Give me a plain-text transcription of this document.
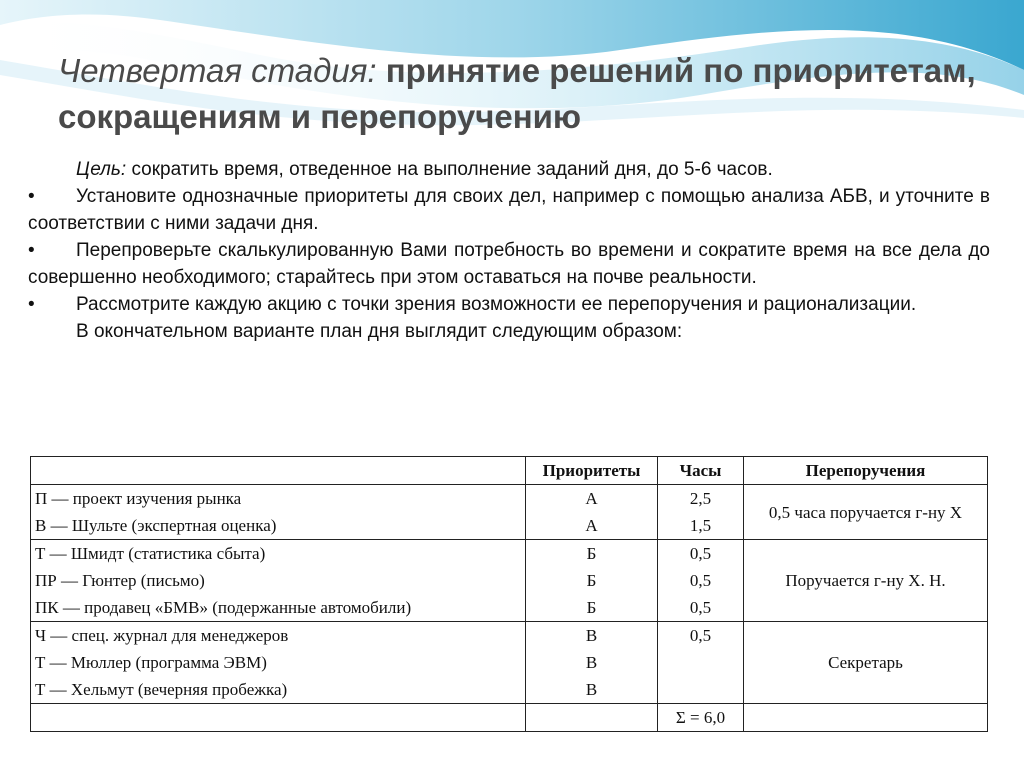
Четвертая стадия: принятие решений по приоритетам, сокращениям и перепоручению
Цель: сократить время, отведенное на выполнение заданий дня, до 5-6 часов.
• Установите однозначные приоритеты для своих дел, например с помощью анализа АБВ, и уточните в соответствии с ними задачи дня.
• Перепроверьте скалькулированную Вами потребность во времени и сократите время на все дела до совершенно необходимого; старайтесь при этом оставаться на почве реальности.
• Рассмотрите каждую акцию с точки зрения возможности ее перепоручения и рационализации.
В окончательном варианте план дня выглядит следующим образом:
	Приоритеты	Часы	Перепоручения
П — проект изучения рынка	А	2,5	0,5 часа поручается г-ну Х
В — Шульте (экспертная оценка)	А	1,5	
Т — Шмидт (статистика сбыта)	Б	0,5	Поручается г-ну Х. Н.
ПР — Гюнтер (письмо)	Б	0,5	
ПК — продавец «БМВ» (подержанные автомобили)	Б	0,5	
Ч — спец. журнал для менеджеров	В	0,5	Секретарь
Т — Мюллер (программа ЭВМ)	В		
Т — Хельмут (вечерняя пробежка)	В		
		Σ = 6,0	
